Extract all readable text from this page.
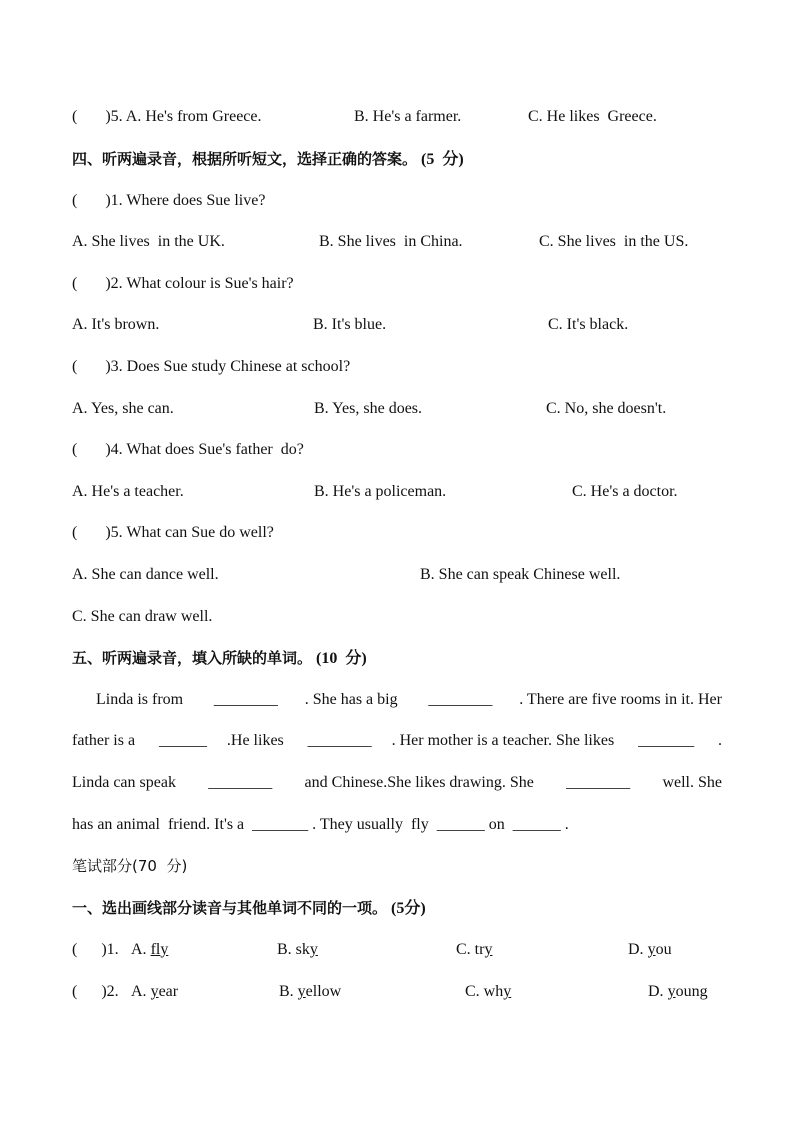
(       )5. A. He's from Greece.	B. He's a farmer.	C. He likes  Greece.
四、听两遍录音，根据所听短文，选择正确的答案。 (5  分)
(       )1. Where does Sue live?
A. She lives  in the UK.	B. She lives  in China.	C. She lives  in the US.
(       )2. What colour is Sue's hair?
A. It's brown.	B. It's blue.	C. It's black.
(       )3. Does Sue study Chinese at school?
A. Yes, she can.	B. Yes, she does.	C. No, she doesn't.
(       )4. What does Sue's father  do?
A. He's a teacher.	B. He's a policeman.	C. He's a doctor.
(       )5. What can Sue do well?
A. She can dance well.	B. She can speak Chinese well.
C. She can draw well.
五、听两遍录音，填入所缺的单词。 (10  分)
Linda is from ________ . She has a big ________ . There are five rooms in it. Her
father is a ______ .He likes ________ . Her mother is a teacher. She likes _______ .
Linda can speak ________ and Chinese.She likes drawing. She ________ well. She
has an animal  friend. It's a  _______ . They usually  fly  ______ on  ______ .
笔试部分(70  分)
一、选出画线部分读音与其他单词不同的一项。 (5分)
(      )1. A. fly	B. sky	C. try	D. you
(      )2. A. year	B. yellow	C. why	D. young
